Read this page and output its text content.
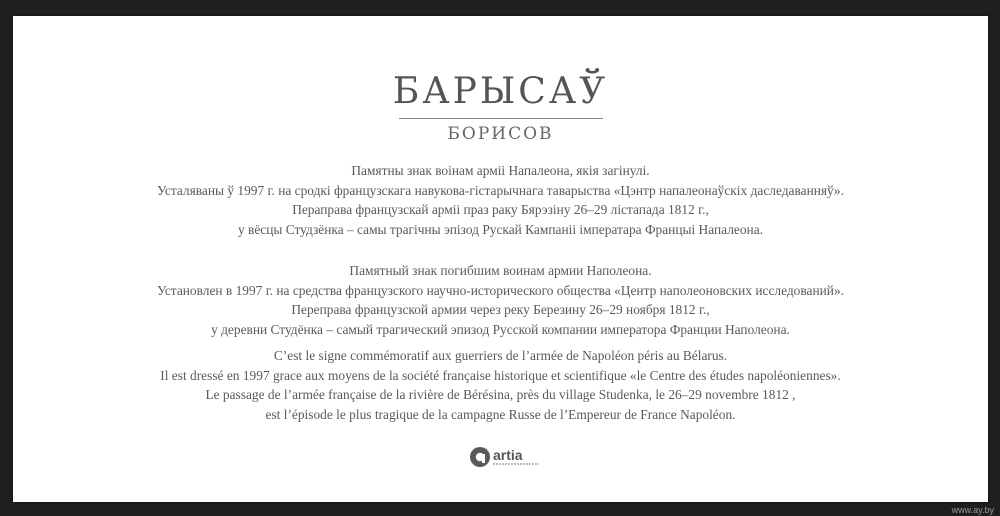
БАРЫСАЎ
БОРИСОВ
Памятны знак воінам арміі Напалеона, якія загінулі.
Усталяваны ў 1997 г. на сродкі французскага навукова-гістарычнага таварыства «Цэнтр напалеонаўскіх даследаванняў».
Пераправа французскай арміі праз раку Бярэзіну 26–29 лістапада 1812 г.,
у вёсцы Студзёнка – самы трагічны эпізод Рускай Кампаніі імператара Францыі Напалеона.
Памятный знак погибшим воинам армии Наполеона.
Установлен в 1997 г. на средства французского научно-исторического общества «Центр наполеоновских исследований».
Переправа французской армии через реку Березину 26–29 ноября 1812 г.,
у деревни Студёнка – самый трагический эпизод Русской компании императора Франции Наполеона.
C’est le signe commémoratif aux guerriers de l’armée de Napoléon péris au Bélarus.
Il est dressé en 1997 grace aux moyens de la société française historique et scientifique «le Centre des études napoléoniennes».
Le passage de l’armée française de la rivière de Bérésina, près du village Studenka, le 26–29 novembre 1812 ,
est l’épisode le plus tragique de la campagne Russe de l’Empereur de France Napoléon.
artia
www.ay.by
